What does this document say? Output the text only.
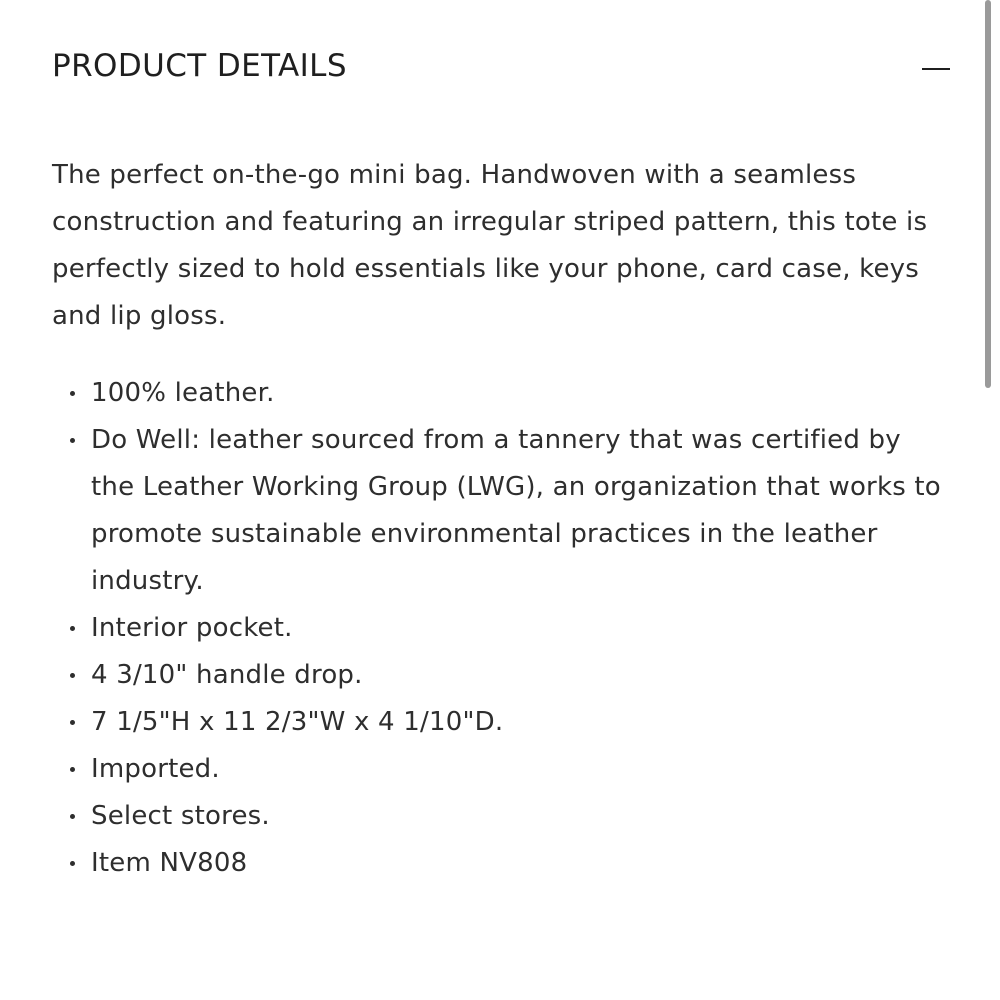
PRODUCT DETAILS

The perfect on-the-go mini bag. Handwoven with a seamless construction and featuring an irregular striped pattern, this tote is perfectly sized to hold essentials like your phone, card case, keys and lip gloss.

100% leather.
Do Well: leather sourced from a tannery that was certified by the Leather Working Group (LWG), an organization that works to promote sustainable environmental practices in the leather industry.
Interior pocket.
4 3/10" handle drop.
7 1/5"H x 11 2/3"W x 4 1/10"D.
Imported.
Select stores.
Item NV808
